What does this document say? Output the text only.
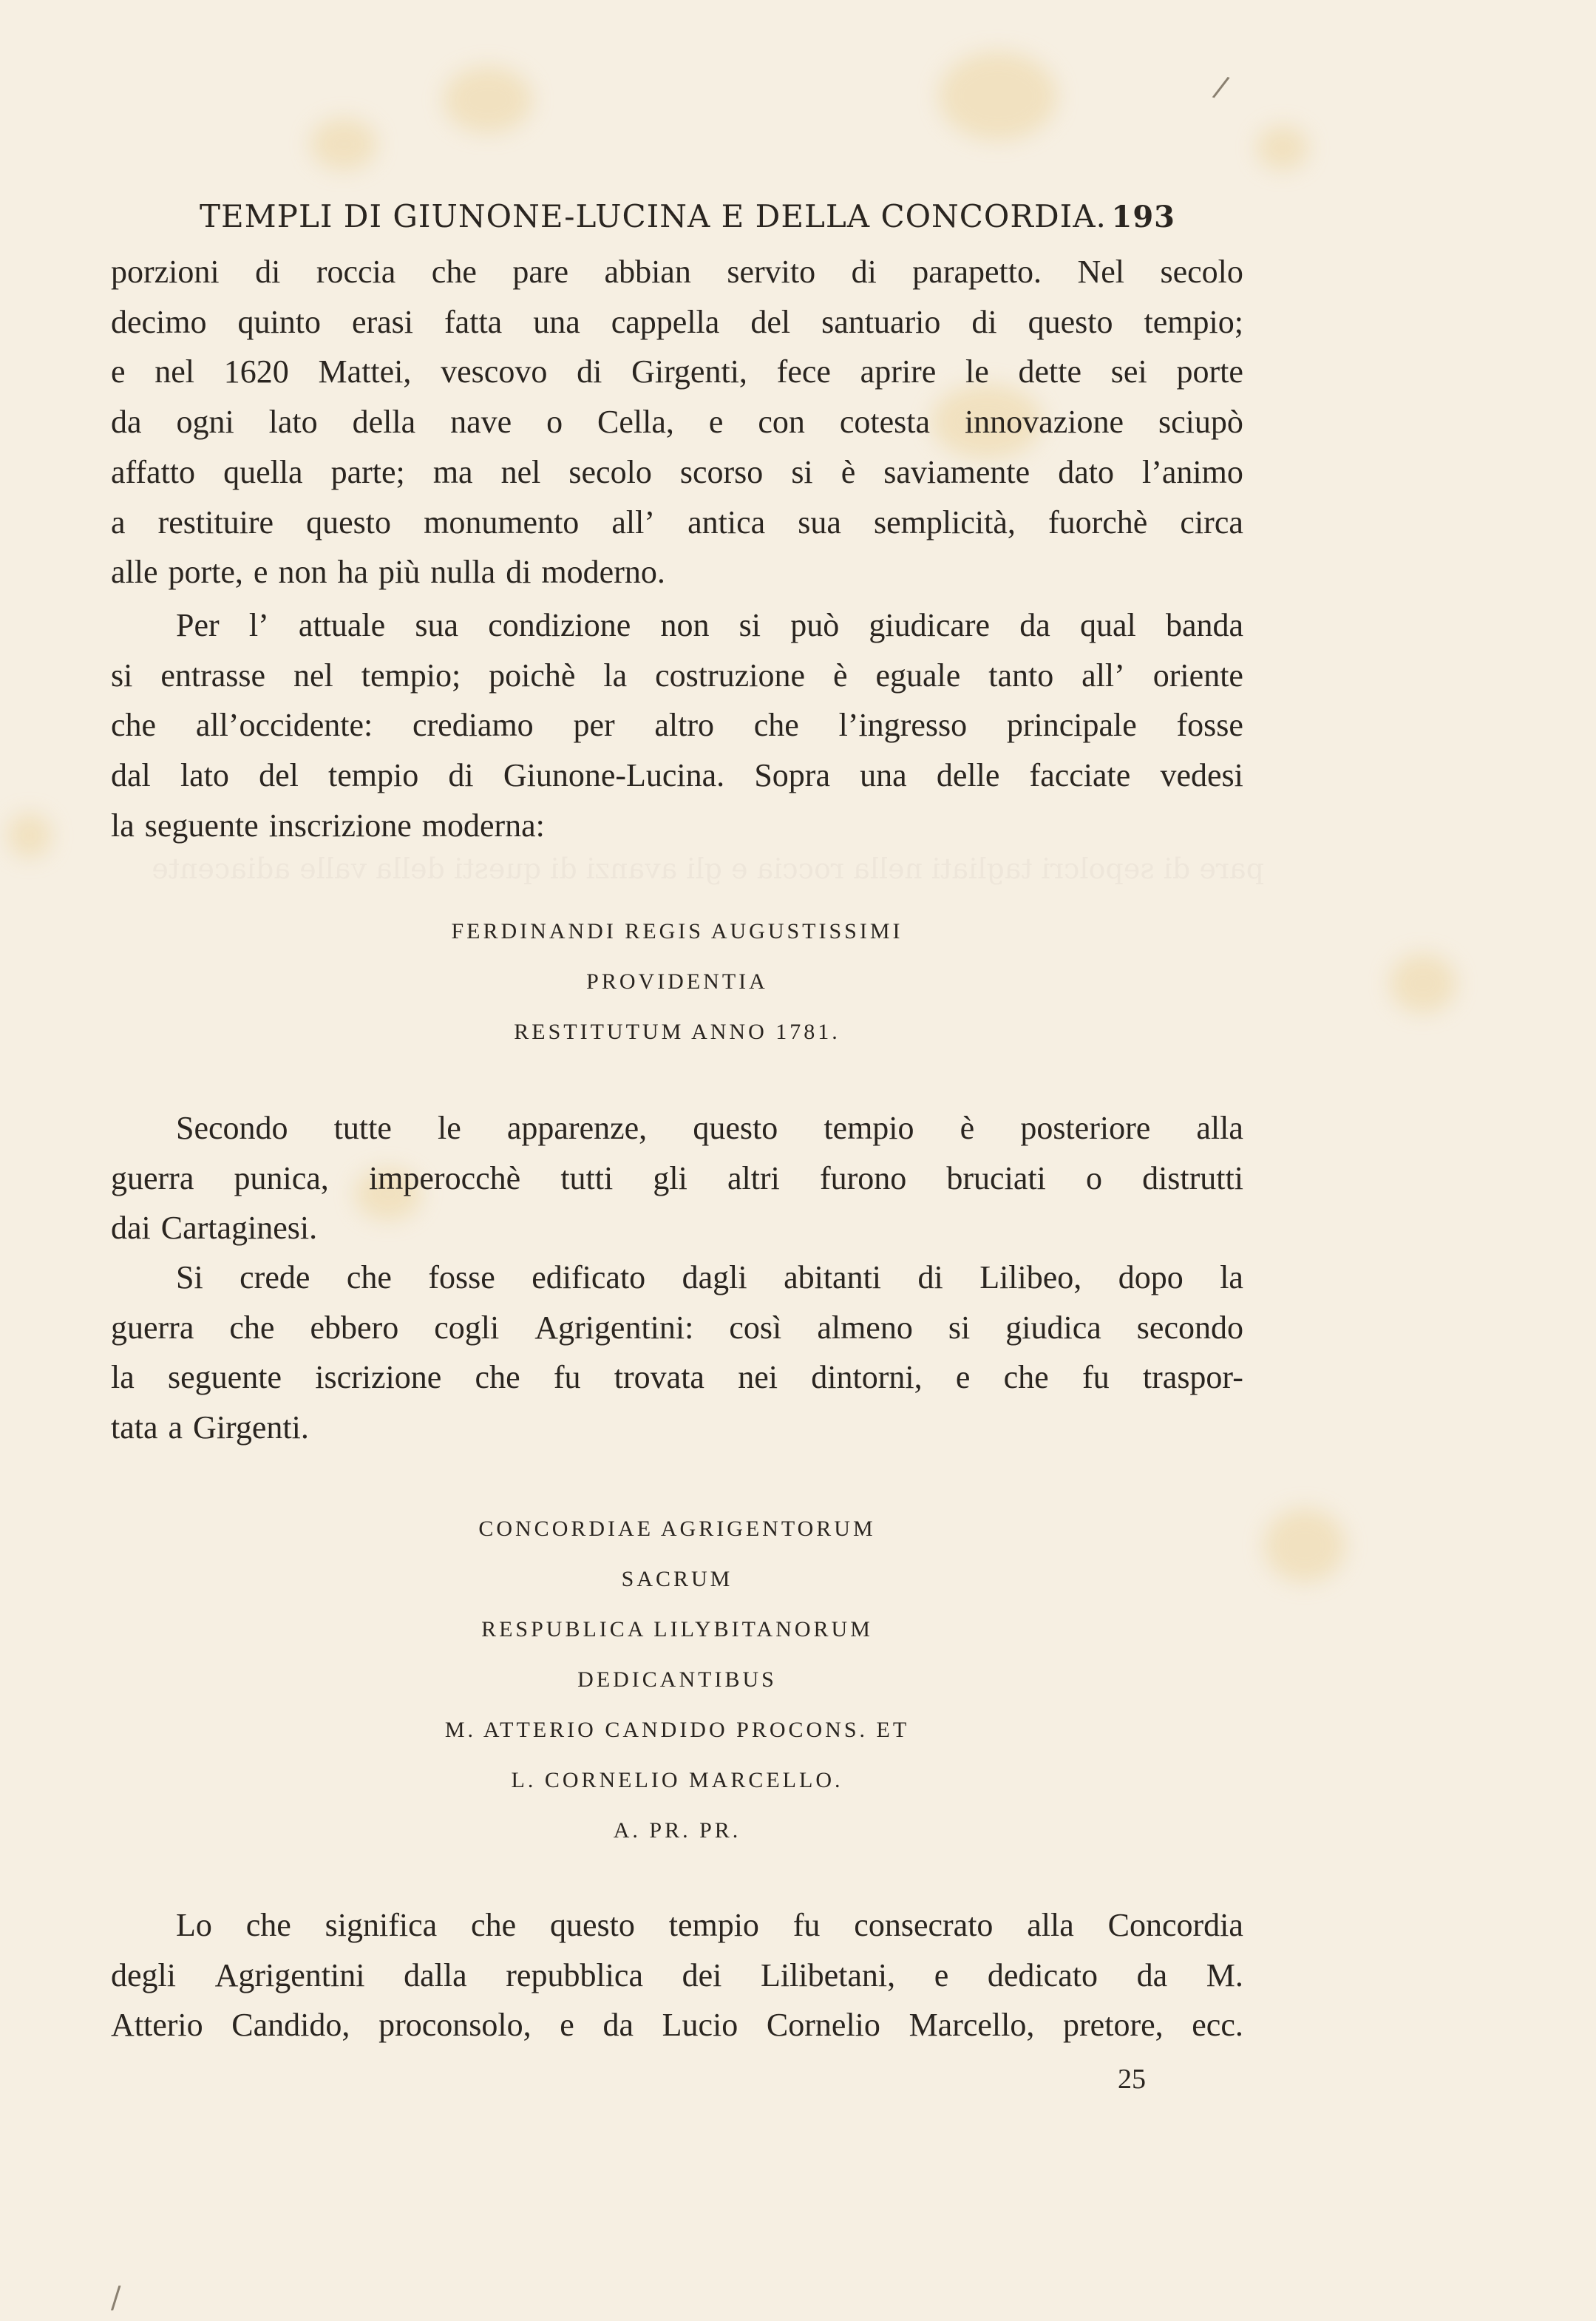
pare di sepolcri tagliati nella roccia e gli avanzi di questi della valle adiacente
TEMPLI DI GIUNONE-LUCINA E DELLA CONCORDIA. 193
porzioni di roccia che pare abbian servito di parapetto. Nel secolo
decimo quinto erasi fatta una cappella del santuario di questo tempio;
e nel 1620 Mattei, vescovo di Girgenti, fece aprire le dette sei porte
da ogni lato della nave o Cella, e con cotesta innovazione sciupò
affatto quella parte; ma nel secolo scorso si è saviamente dato l’animo
a restituire questo monumento all’ antica sua semplicità, fuorchè circa
alle porte, e non ha più nulla di moderno.
Per l’ attuale sua condizione non si può giudicare da qual banda
si entrasse nel tempio; poichè la costruzione è eguale tanto all’ oriente
che all’occidente: crediamo per altro che l’ingresso principale fosse
dal lato del tempio di Giunone-Lucina. Sopra una delle facciate vedesi
la seguente inscrizione moderna:
FERDINANDI REGIS AUGUSTISSIMI
PROVIDENTIA
RESTITUTUM ANNO 1781.
Secondo tutte le apparenze, questo tempio è posteriore alla
guerra punica, imperocchè tutti gli altri furono bruciati o distrutti
dai Cartaginesi.
Si crede che fosse edificato dagli abitanti di Lilibeo, dopo la
guerra che ebbero cogli Agrigentini: così almeno si giudica secondo
la seguente iscrizione che fu trovata nei dintorni, e che fu traspor-
tata a Girgenti.
CONCORDIAE AGRIGENTORUM
SACRUM
RESPUBLICA LILYBITANORUM
DEDICANTIBUS
M. ATTERIO CANDIDO PROCONS. ET
L. CORNELIO MARCELLO.
A. PR. PR.
Lo che significa che questo tempio fu consecrato alla Concordia
degli Agrigentini dalla repubblica dei Lilibetani, e dedicato da M.
Atterio Candido, proconsolo, e da Lucio Cornelio Marcello, pretore, ecc.
25
/
/
